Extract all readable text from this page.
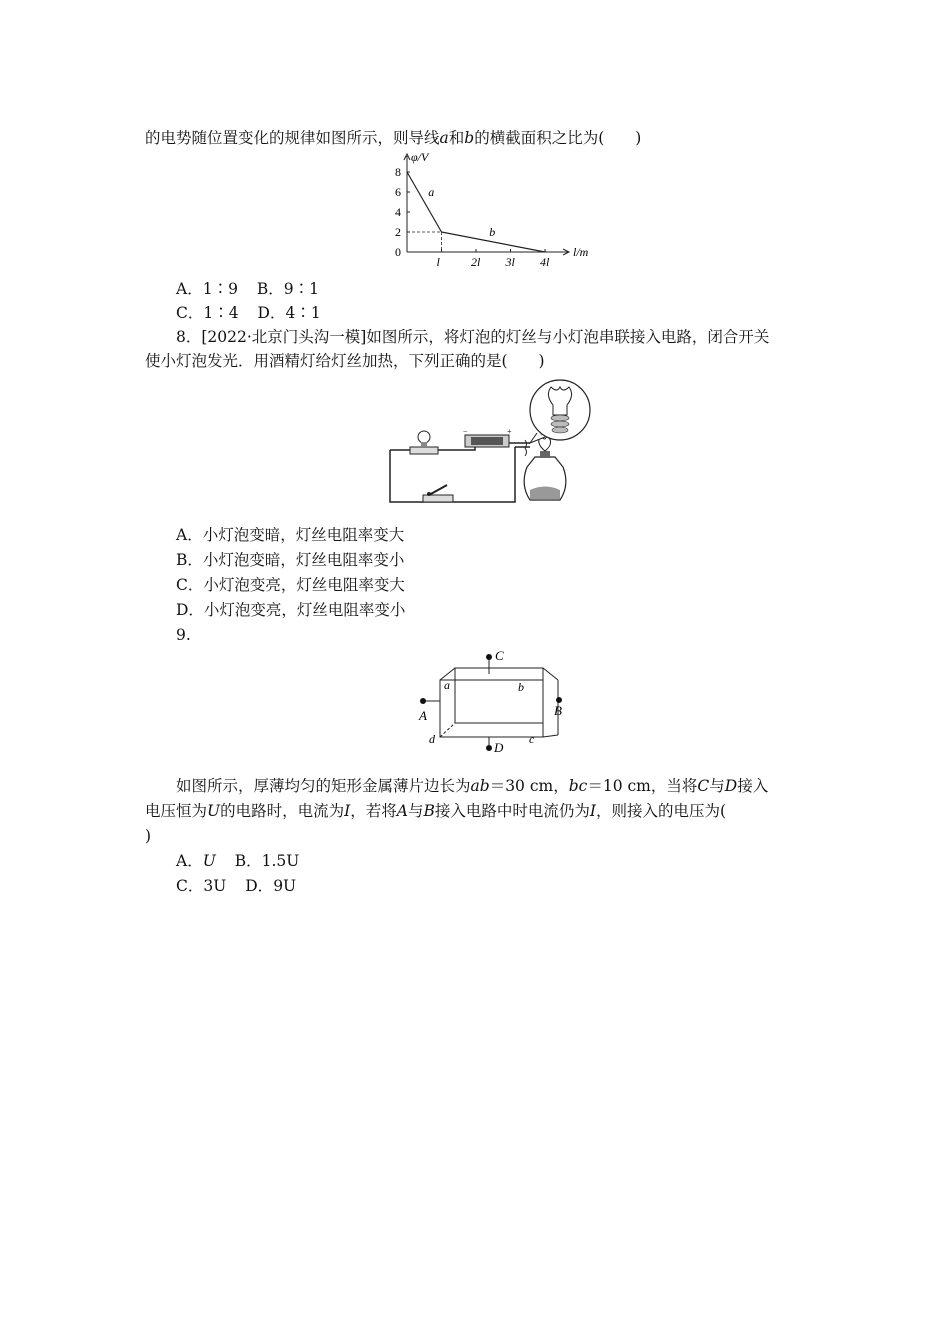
的电势随位置变化的规律如图所示，则导线a和b的横截面积之比为(　　)
φ/V
l/m
8
6
4
2
0
l	2l 3l 4l
a
b
A．1∶9 B．9∶1
C．1∶4 D．4∶1
8．[2022·北京门头沟一模]如图所示，将灯泡的灯丝与小灯泡串联接入电路，闭合开关
使小灯泡发光．用酒精灯给灯丝加热，下列正确的是(　　)
−	+
A．小灯泡变暗，灯丝电阻率变大
B．小灯泡变暗，灯丝电阻率变小
C．小灯泡变亮，灯丝电阻率变大
D．小灯泡变亮，灯丝电阻率变小
9.
C
D
A	B
a	b
c
d
如图所示，厚薄均匀的矩形金属薄片边长为ab＝30 cm，bc＝10 cm，当将C与D接入
电压恒为U的电路时，电流为I，若将A与B接入电路中时电流仍为I，则接入的电压为(
)
A．U B．1.5U
C．3U D．9U
